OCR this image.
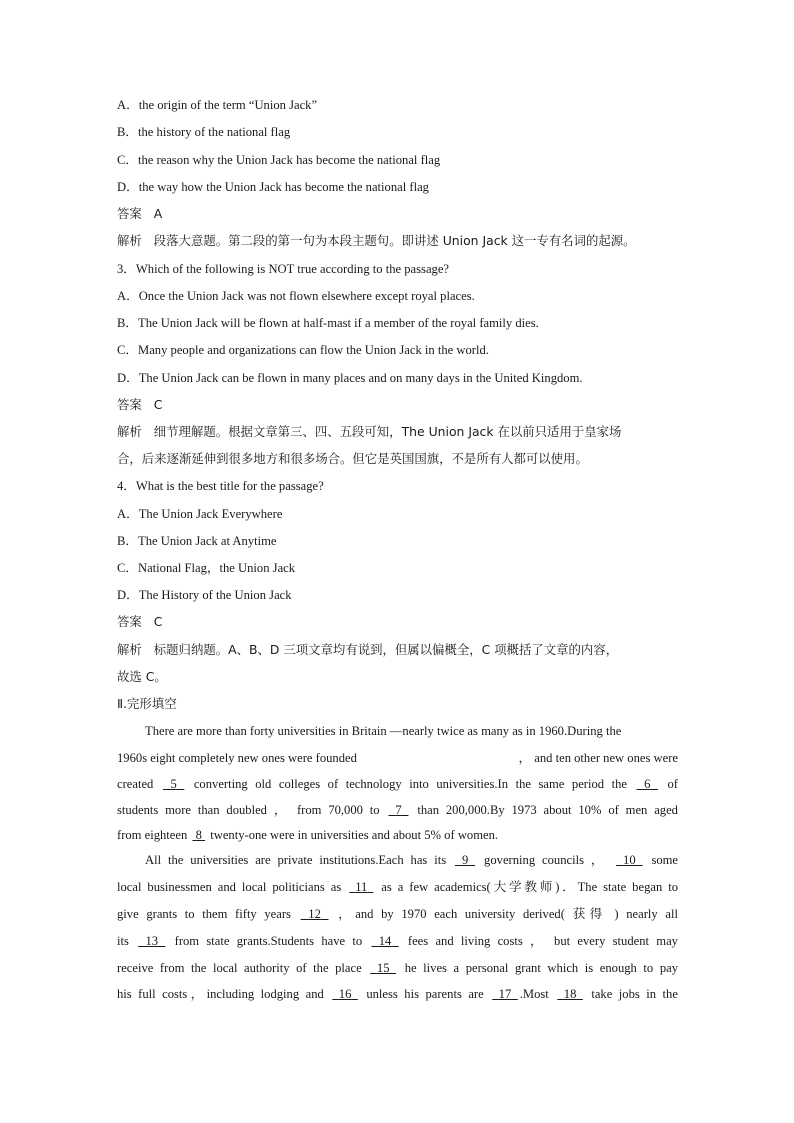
A．the origin of the term “Union Jack”
B．the history of the national flag
C．the reason why the Union Jack has become the national flag
D．the way how the Union Jack has become the national flag
答案 A
解析 段落大意题。第二段的第一句为本段主题句。即讲述 Union Jack 这一专有名词的起源。
3．Which of the following is NOT true according to the passage?
A．Once the Union Jack was not flown elsewhere except royal places.
B．The Union Jack will be flown at half-mast if a member of the royal family dies.
C．Many people and organizations can flow the Union Jack in the world.
D．The Union Jack can be flown in many places and on many days in the United Kingdom.
答案 C
解析 细节理解题。根据文章第三、四、五段可知，The Union Jack 在以前只适用于皇家场
合，后来逐渐延伸到很多地方和很多场合。但它是英国国旗，不是所有人都可以使用。
4．What is the best title for the passage?
A．The Union Jack Everywhere
B．The Union Jack at Anytime
C．National Flag，the Union Jack
D．The History of the Union Jack
答案 C
解析 标题归纳题。A、B、D 三项文章均有说到，但属以偏概全，C 项概括了文章的内容，
故选 C。
Ⅱ.完形填空
There are more than forty universities in Britain —nearly twice as many as in 1960.During the
1960s eight completely new ones were founded	， and ten other new ones were
created 5 converting old colleges of technology into universities.In the same period the 6 of
students more than doubled ， from 70,000 to 7 than 200,000.By 1973 about 10% of men aged
from eighteen 8 twenty-one were in universities and about 5% of women.
All the universities are private institutions.Each has its 9 governing councils ， 10 some
local businessmen and local politicians as 11 as a few academics(大学教师)．The state began to
give grants to them fifty years 12 ，and by 1970 each university derived( 获得 ) nearly all
its 13 from state grants.Students have to 14 fees and living costs ， but every student may
receive from the local authority of the place 15 he lives a personal grant which is enough to pay
his full costs，including lodging and 16 unless his parents are 17 .Most 18 take jobs in the
